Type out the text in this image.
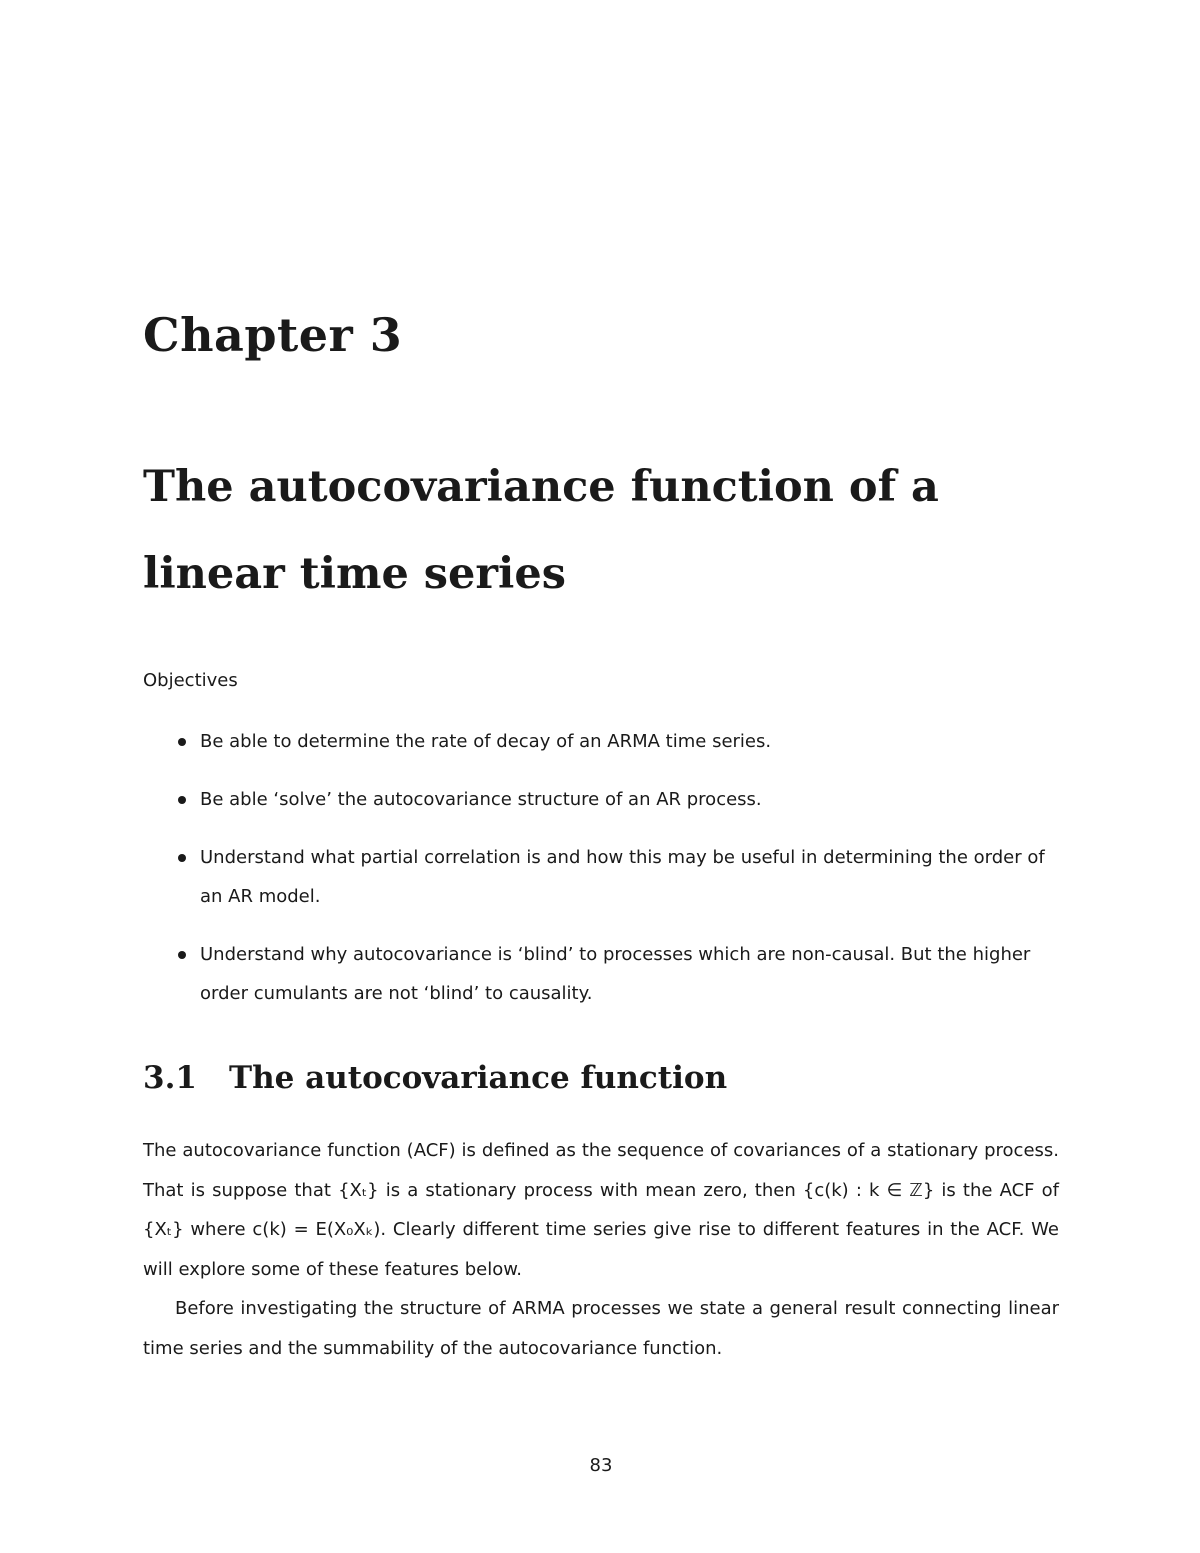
Chapter 3
The autocovariance function of a
linear time series

Objectives

Be able to determine the rate of decay of an ARMA time series.
Be able ‘solve’ the autocovariance structure of an AR process.
Understand what partial correlation is and how this may be useful in determining the order of an AR model.
Understand why autocovariance is ‘blind’ to processes which are non-causal. But the higher order cumulants are not ‘blind’ to causality.
3.1 The autocovariance function

The autocovariance function (ACF) is defined as the sequence of covariances of a stationary process. That is suppose that {Xₜ} is a stationary process with mean zero, then {c(k) : k ∈ ℤ} is the ACF of {Xₜ} where c(k) = E(X₀Xₖ). Clearly different time series give rise to different features in the ACF. We will explore some of these features below.

Before investigating the structure of ARMA processes we state a general result connecting linear time series and the summability of the autocovariance function.

83
